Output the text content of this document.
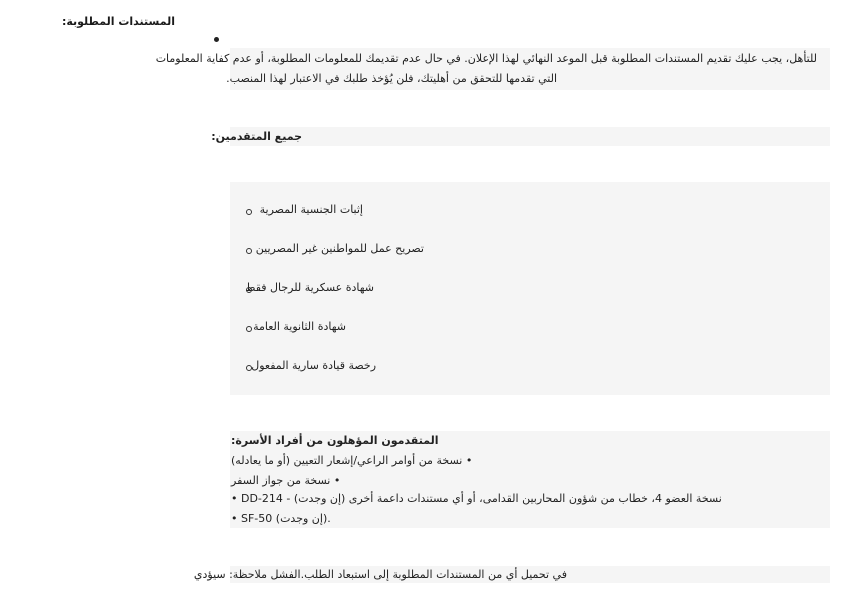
المستندات المطلوبة:
للتأهل، يجب عليك تقديم المستندات المطلوبة قبل الموعد النهائي لهذا الإعلان. في حال عدم تقديمك للمعلومات المطلوبة، أو عدم كفاية المعلومات
التي تقدمها للتحقق من أهليتك، فلن يُؤخذ طلبك في الاعتبار لهذا المنصب.
جميع المتقدمين:
إثبات الجنسية المصرية
تصريح عمل للمواطنين غير المصريين
شهادة عسكرية للرجال فقط
شهادة الثانوية العامة
رخصة قيادة سارية المفعول
المتقدمون المؤهلون من أفراد الأسرة:
• نسخة من أوامر الراعي/إشعار التعيين (أو ما يعادله)
• نسخة من جواز السفر
• DD-214 - نسخة العضو 4، خطاب من شؤون المحاربين القدامى، أو أي مستندات داعمة أخرى (إن وجدت)
• SF-50 (إن وجدت).
في تحميل أي من المستندات المطلوبة إلى استبعاد الطلب.الفشل ملاحظة: سيؤدي
